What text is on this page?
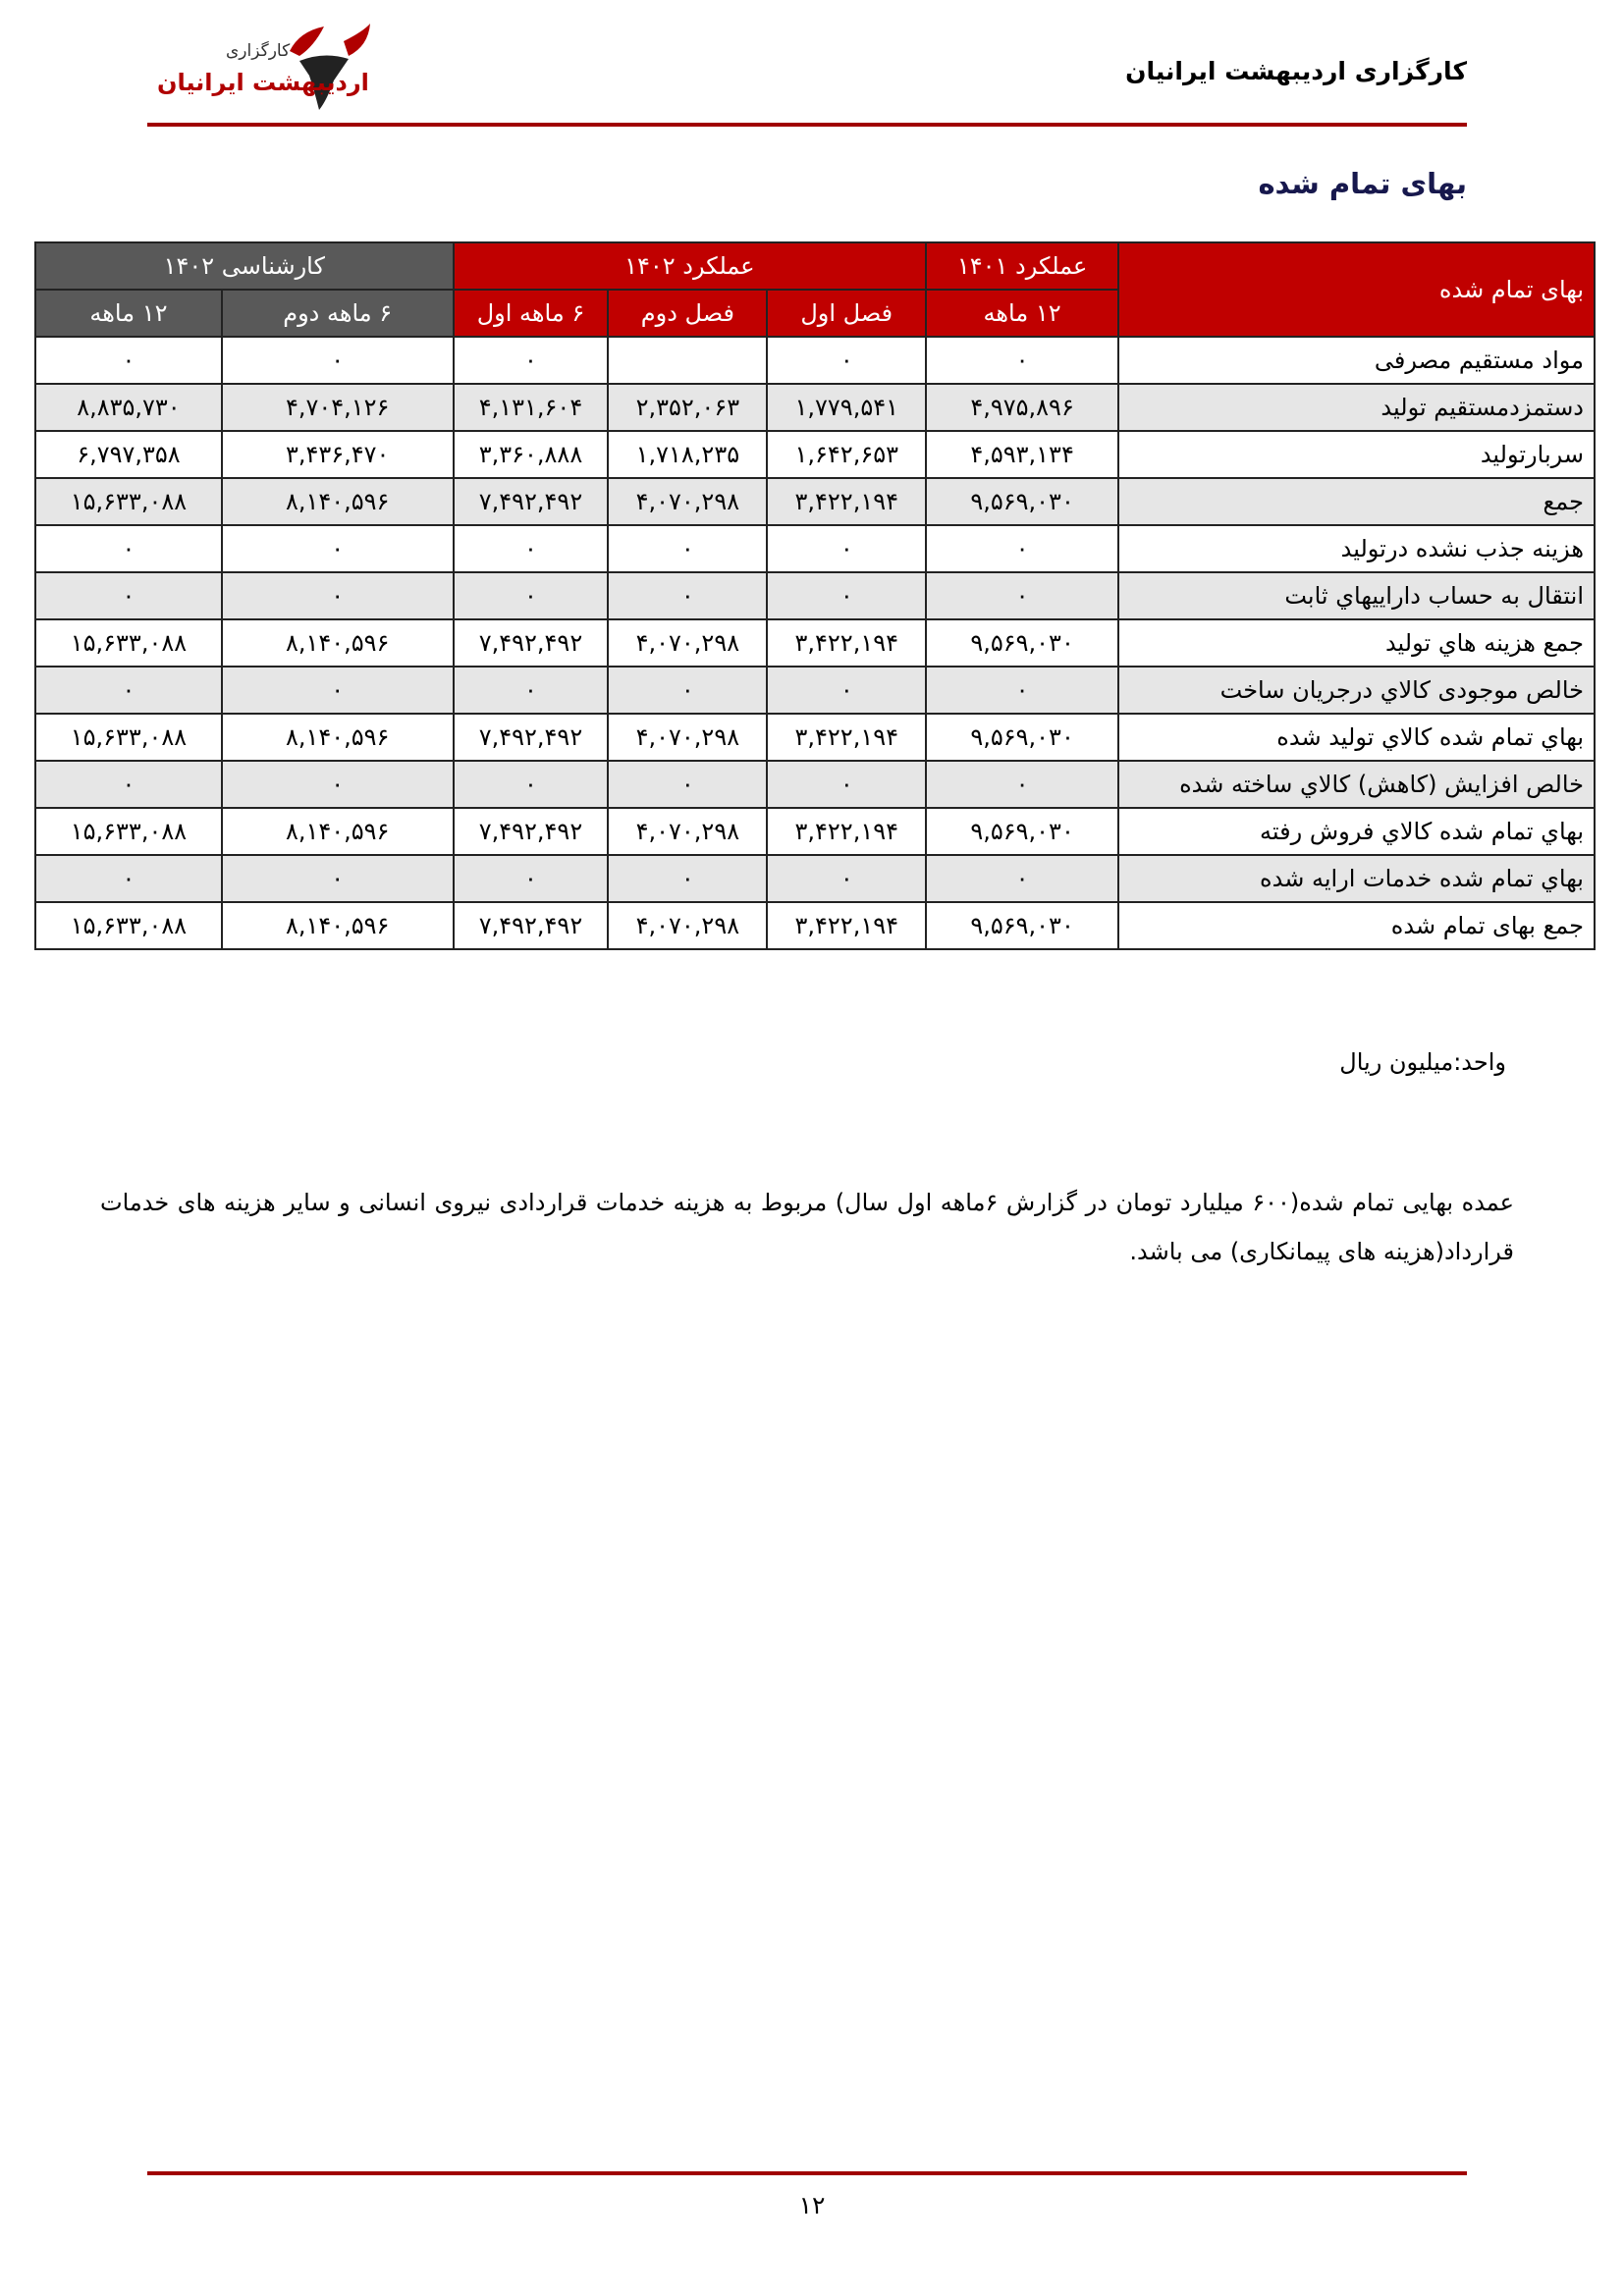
کارگزاری اردیبهشت ایرانیان
کارگزاری
اردیبهشت ایرانیان
بهای تمام شده
بهای تمام شده	عملکرد ۱۴۰۱	عملکرد ۱۴۰۲			کارشناسی ۱۴۰۲	
	۱۲ ماهه	فصل اول	فصل دوم	۶ ماهه اول	۶ ماهه دوم	۱۲ ماهه
مواد مستقیم مصرفی	۰	۰		۰	۰	۰
دستمزدمستقیم تولید	۴,۹۷۵,۸۹۶	۱,۷۷۹,۵۴۱	۲,۳۵۲,۰۶۳	۴,۱۳۱,۶۰۴	۴,۷۰۴,۱۲۶	۸,۸۳۵,۷۳۰
سربارتولید	۴,۵۹۳,۱۳۴	۱,۶۴۲,۶۵۳	۱,۷۱۸,۲۳۵	۳,۳۶۰,۸۸۸	۳,۴۳۶,۴۷۰	۶,۷۹۷,۳۵۸
جمع	۹,۵۶۹,۰۳۰	۳,۴۲۲,۱۹۴	۴,۰۷۰,۲۹۸	۷,۴۹۲,۴۹۲	۸,۱۴۰,۵۹۶	۱۵,۶۳۳,۰۸۸
هزینه جذب نشده درتولید	۰	۰	۰	۰	۰	۰
انتقال به حساب دارایيهاي ثابت	۰	۰	۰	۰	۰	۰
جمع هزينه هاي توليد	۹,۵۶۹,۰۳۰	۳,۴۲۲,۱۹۴	۴,۰۷۰,۲۹۸	۷,۴۹۲,۴۹۲	۸,۱۴۰,۵۹۶	۱۵,۶۳۳,۰۸۸
خالص موجودی كالاي درجريان ساخت	۰	۰	۰	۰	۰	۰
بهاي تمام شده كالاي توليد شده	۹,۵۶۹,۰۳۰	۳,۴۲۲,۱۹۴	۴,۰۷۰,۲۹۸	۷,۴۹۲,۴۹۲	۸,۱۴۰,۵۹۶	۱۵,۶۳۳,۰۸۸
خالص افزايش (كاهش) كالاي ساخته شده	۰	۰	۰	۰	۰	۰
بهاي تمام شده كالاي فروش رفته	۹,۵۶۹,۰۳۰	۳,۴۲۲,۱۹۴	۴,۰۷۰,۲۹۸	۷,۴۹۲,۴۹۲	۸,۱۴۰,۵۹۶	۱۵,۶۳۳,۰۸۸
بهاي تمام شده خدمات ارايه شده	۰	۰	۰	۰	۰	۰
جمع بهای تمام شده	۹,۵۶۹,۰۳۰	۳,۴۲۲,۱۹۴	۴,۰۷۰,۲۹۸	۷,۴۹۲,۴۹۲	۸,۱۴۰,۵۹۶	۱۵,۶۳۳,۰۸۸
واحد:میلیون ریال
عمده بهایی تمام شده(۶۰۰ میلیارد تومان در گزارش ۶ماهه اول سال) مربوط به هزینه خدمات قراردادی نیروی انسانی و سایر هزینه های خدمات قرارداد(هزینه های پیمانکاری) می باشد.
۱۲
